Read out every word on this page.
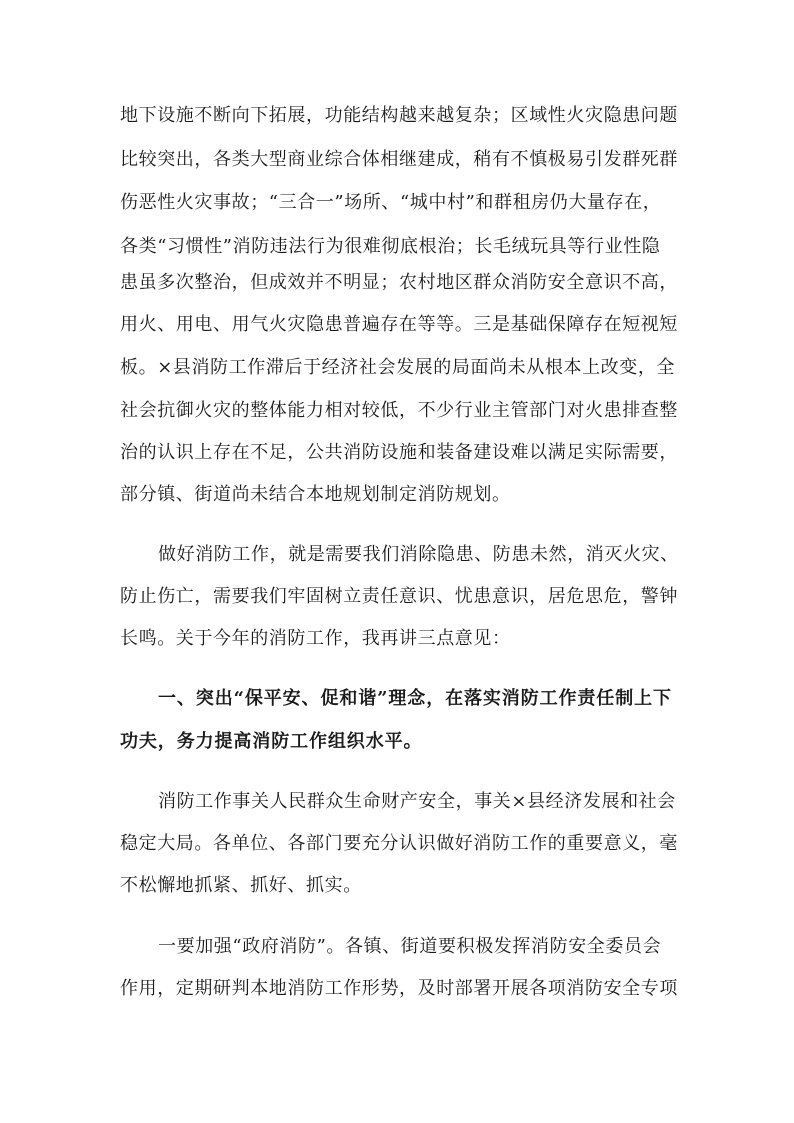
地下设施不断向下拓展，功能结构越来越复杂；区域性火灾隐患问题
比较突出，各类大型商业综合体相继建成，稍有不慎极易引发群死群
伤恶性火灾事故；“三合一”场所、“城中村”和群租房仍大量存在，
各类“习惯性”消防违法行为很难彻底根治；长毛绒玩具等行业性隐
患虽多次整治，但成效并不明显；农村地区群众消防安全意识不高，
用火、用电、用气火灾隐患普遍存在等等。三是基础保障存在短视短
板。×县消防工作滞后于经济社会发展的局面尚未从根本上改变，全
社会抗御火灾的整体能力相对较低，不少行业主管部门对火患排查整
治的认识上存在不足，公共消防设施和装备建设难以满足实际需要，
部分镇、街道尚未结合本地规划制定消防规划。
做好消防工作，就是需要我们消除隐患、防患未然，消灭火灾、
防止伤亡，需要我们牢固树立责任意识、忧患意识，居危思危，警钟
长鸣。关于今年的消防工作，我再讲三点意见：
一、突出“保平安、促和谐”理念，在落实消防工作责任制上下
功夫，务力提高消防工作组织水平。
消防工作事关人民群众生命财产安全，事关×县经济发展和社会
稳定大局。各单位、各部门要充分认识做好消防工作的重要意义，毫
不松懈地抓紧、抓好、抓实。
一要加强“政府消防”。各镇、街道要积极发挥消防安全委员会
作用，定期研判本地消防工作形势，及时部署开展各项消防安全专项
